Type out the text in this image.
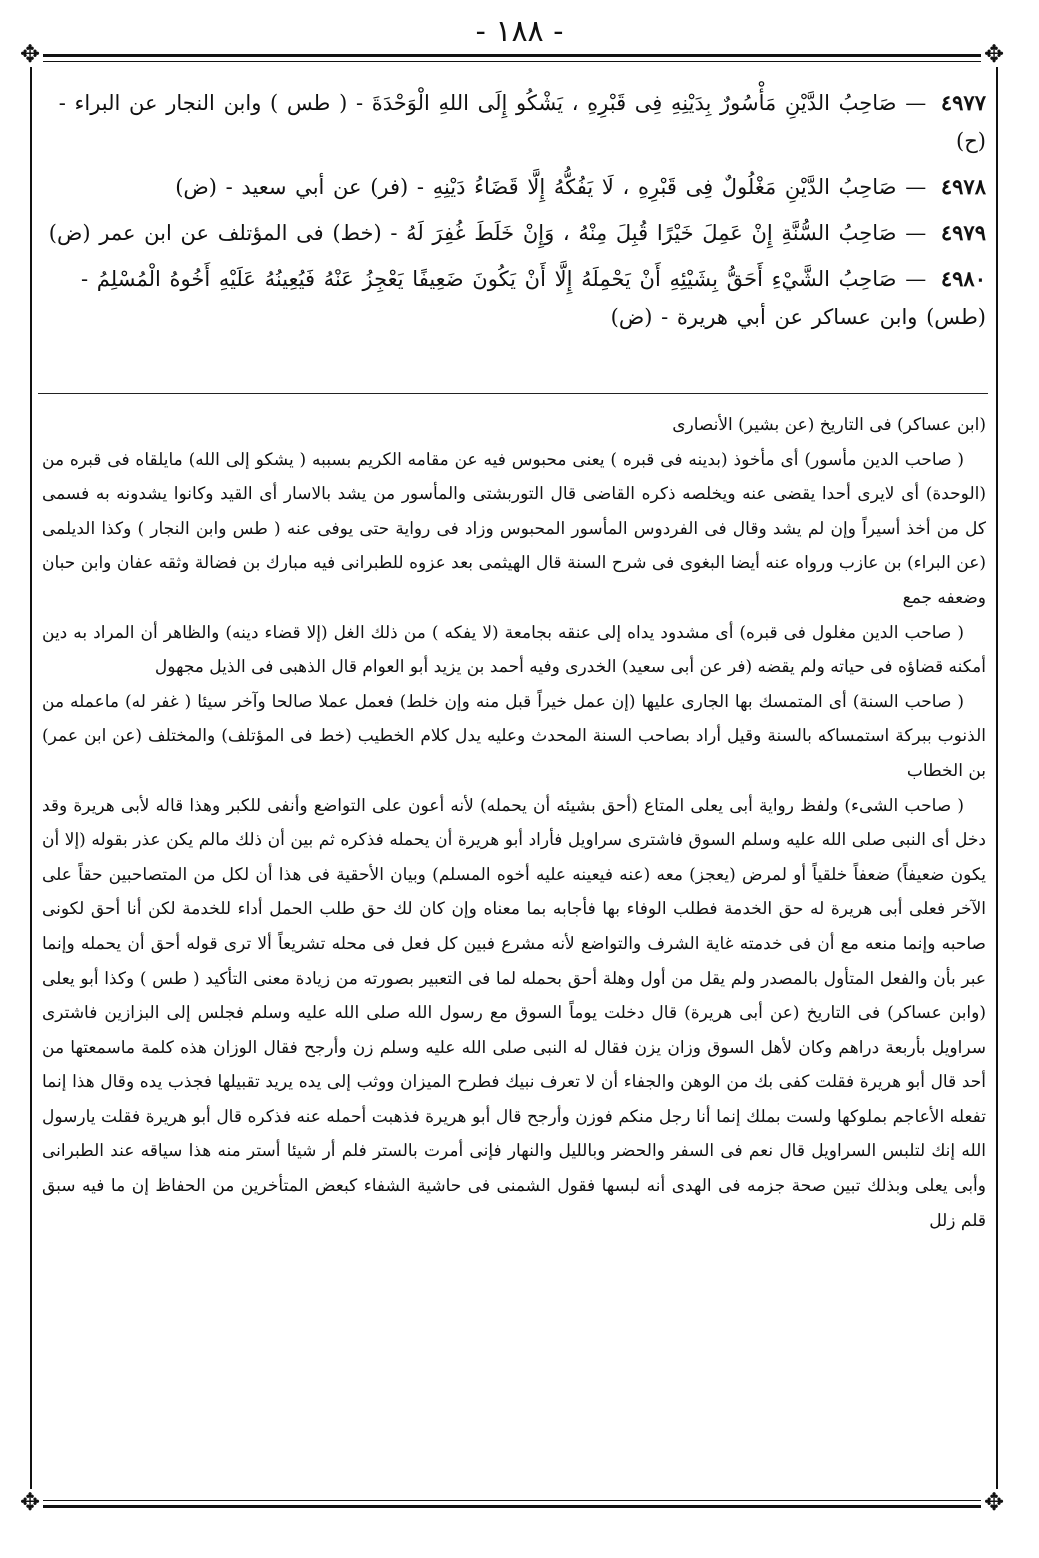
- ١٨٨ -
✥	✥
✥	✥

٤٩٧٧ — صَاحِبُ الدَّيْنِ مَأْسُورٌ بِدَيْنِهِ فِى قَبْرِهِ ، يَشْكُو إِلَى اللهِ الْوَحْدَةَ - ( طس ) وابن النجار عن البراء - (ح)

٤٩٧٨ — صَاحِبُ الدَّيْنِ مَغْلُولٌ فِى قَبْرِهِ ، لَا يَفُكُّهُ إِلَّا قَضَاءُ دَيْنِهِ - (فر) عن أبي سعيد - (ض)

٤٩٧٩ — صَاحِبُ السُّنَّةِ إِنْ عَمِلَ خَيْرًا قُبِلَ مِنْهُ ، وَإِنْ خَلَطَ غُفِرَ لَهُ - (خط) فى المؤتلف عن ابن عمر (ض)

٤٩٨٠ — صَاحِبُ الشَّيْءِ أَحَقُّ بِشَيْئِهِ أَنْ يَحْمِلَهُ إِلَّا أَنْ يَكُونَ ضَعِيفًا يَعْجِزُ عَنْهُ فَيُعِينُهُ عَلَيْهِ أَخُوهُ الْمُسْلِمُ - (طس) وابن عساكر عن أبي هريرة - (ض)

(ابن عساكر) فى التاريخ (عن بشير) الأنصارى

( صاحب الدين مأسور) أى مأخوذ (بدينه فى قبره ) يعنى محبوس فيه عن مقامه الكريم بسببه ( يشكو إلى الله) مايلقاه فى قبره من (الوحدة) أى لايرى أحدا يقضى عنه ويخلصه ذكره القاضى قال التوربشتى والمأسور من يشد بالاسار أى القيد وكانوا يشدونه به فسمى كل من أخذ أسيراً وإن لم يشد وقال فى الفردوس المأسور المحبوس وزاد فى رواية حتى يوفى عنه ( طس وابن النجار ) وكذا الديلمى (عن البراء) بن عازب ورواه عنه أيضا البغوى فى شرح السنة قال الهيثمى بعد عزوه للطبرانى فيه مبارك بن فضالة وثقه عفان وابن حبان وضعفه جمع

( صاحب الدين مغلول فى قبره) أى مشدود يداه إلى عنقه بجامعة (لا يفكه ) من ذلك الغل (إلا قضاء دينه) والظاهر أن المراد به دين أمكنه قضاؤه فى حياته ولم يقضه (فر عن أبى سعيد) الخدرى وفيه أحمد بن يزيد أبو العوام قال الذهبى فى الذيل مجهول

( صاحب السنة) أى المتمسك بها الجارى عليها (إن عمل خيراً قبل منه وإن خلط) فعمل عملا صالحا وآخر سيئا ( غفر له) ماعمله من الذنوب ببركة استمساكه بالسنة وقيل أراد بصاحب السنة المحدث وعليه يدل كلام الخطيب (خط فى المؤتلف) والمختلف (عن ابن عمر) بن الخطاب

( صاحب الشىء) ولفظ رواية أبى يعلى المتاع (أحق بشيئه أن يحمله) لأنه أعون على التواضع وأنفى للكبر وهذا قاله لأبى هريرة وقد دخل أى النبى صلى الله عليه وسلم السوق فاشترى سراويل فأراد أبو هريرة أن يحمله فذكره ثم بين أن ذلك مالم يكن عذر بقوله (إلا أن يكون ضعيفاً) ضعفاً خلقياً أو لمرض (يعجز) معه (عنه فيعينه عليه أخوه المسلم) وبيان الأحقية فى هذا أن لكل من المتصاحبين حقاً على الآخر فعلى أبى هريرة له حق الخدمة فطلب الوفاء بها فأجابه بما معناه وإن كان لك حق طلب الحمل أداء للخدمة لكن أنا أحق لكونى صاحبه وإنما منعه مع أن فى خدمته غاية الشرف والتواضع لأنه مشرع فبين كل فعل فى محله تشريعاً ألا ترى قوله أحق أن يحمله وإنما عبر بأن والفعل المتأول بالمصدر ولم يقل من أول وهلة أحق بحمله لما فى التعبير بصورته من زيادة معنى التأكيد ( طس ) وكذا أبو يعلى (وابن عساكر) فى التاريخ (عن أبى هريرة) قال دخلت يوماً السوق مع رسول الله صلى الله عليه وسلم فجلس إلى البزازين فاشترى سراويل بأربعة دراهم وكان لأهل السوق وزان يزن فقال له النبى صلى الله عليه وسلم زن وأرجح فقال الوزان هذه كلمة ماسمعتها من أحد قال أبو هريرة فقلت كفى بك من الوهن والجفاء أن لا تعرف نبيك فطرح الميزان ووثب إلى يده يريد تقبيلها فجذب يده وقال هذا إنما تفعله الأعاجم بملوكها ولست بملك إنما أنا رجل منكم فوزن وأرجح قال أبو هريرة فذهبت أحمله عنه فذكره قال أبو هريرة فقلت يارسول الله إنك لتلبس السراويل قال نعم فى السفر والحضر وبالليل والنهار فإنى أمرت بالستر فلم أر شيئا أستر منه هذا سياقه عند الطبرانى وأبى يعلى وبذلك تبين صحة جزمه فى الهدى أنه لبسها فقول الشمنى فى حاشية الشفاء كبعض المتأخرين من الحفاظ إن ما فيه سبق قلم زلل
